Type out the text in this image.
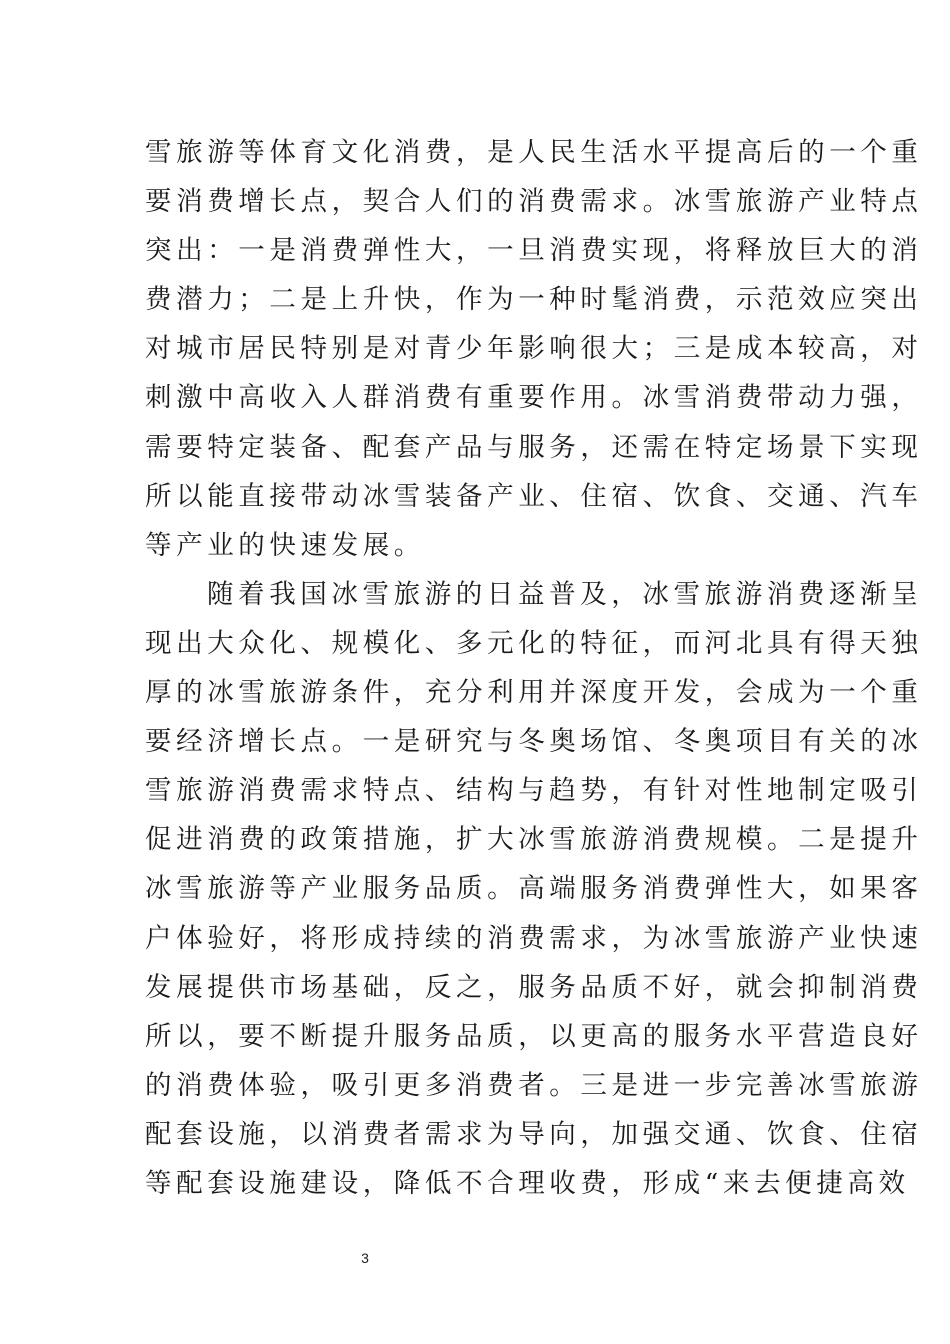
雪旅游等体育文化消费，是人民生活水平提高后的一个重
要消费增长点，契合人们的消费需求。冰雪旅游产业特点
突出：一是消费弹性大，一旦消费实现，将释放巨大的消
费潜力；二是上升快，作为一种时髦消费，示范效应突出
对城市居民特别是对青少年影响很大；三是成本较高，对
刺激中高收入人群消费有重要作用。冰雪消费带动力强，
需要特定装备、配套产品与服务，还需在特定场景下实现
所以能直接带动冰雪装备产业、住宿、饮食、交通、汽车
等产业的快速发展。
随着我国冰雪旅游的日益普及，冰雪旅游消费逐渐呈
现出大众化、规模化、多元化的特征，而河北具有得天独
厚的冰雪旅游条件，充分利用并深度开发，会成为一个重
要经济增长点。一是研究与冬奥场馆、冬奥项目有关的冰
雪旅游消费需求特点、结构与趋势，有针对性地制定吸引
促进消费的政策措施，扩大冰雪旅游消费规模。二是提升
冰雪旅游等产业服务品质。高端服务消费弹性大，如果客
户体验好，将形成持续的消费需求，为冰雪旅游产业快速
发展提供市场基础，反之，服务品质不好，就会抑制消费
所以，要不断提升服务品质，以更高的服务水平营造良好
的消费体验，吸引更多消费者。三是进一步完善冰雪旅游
配套设施，以消费者需求为导向，加强交通、饮食、住宿
等配套设施建设，降低不合理收费，形成“来去便捷高效
3
